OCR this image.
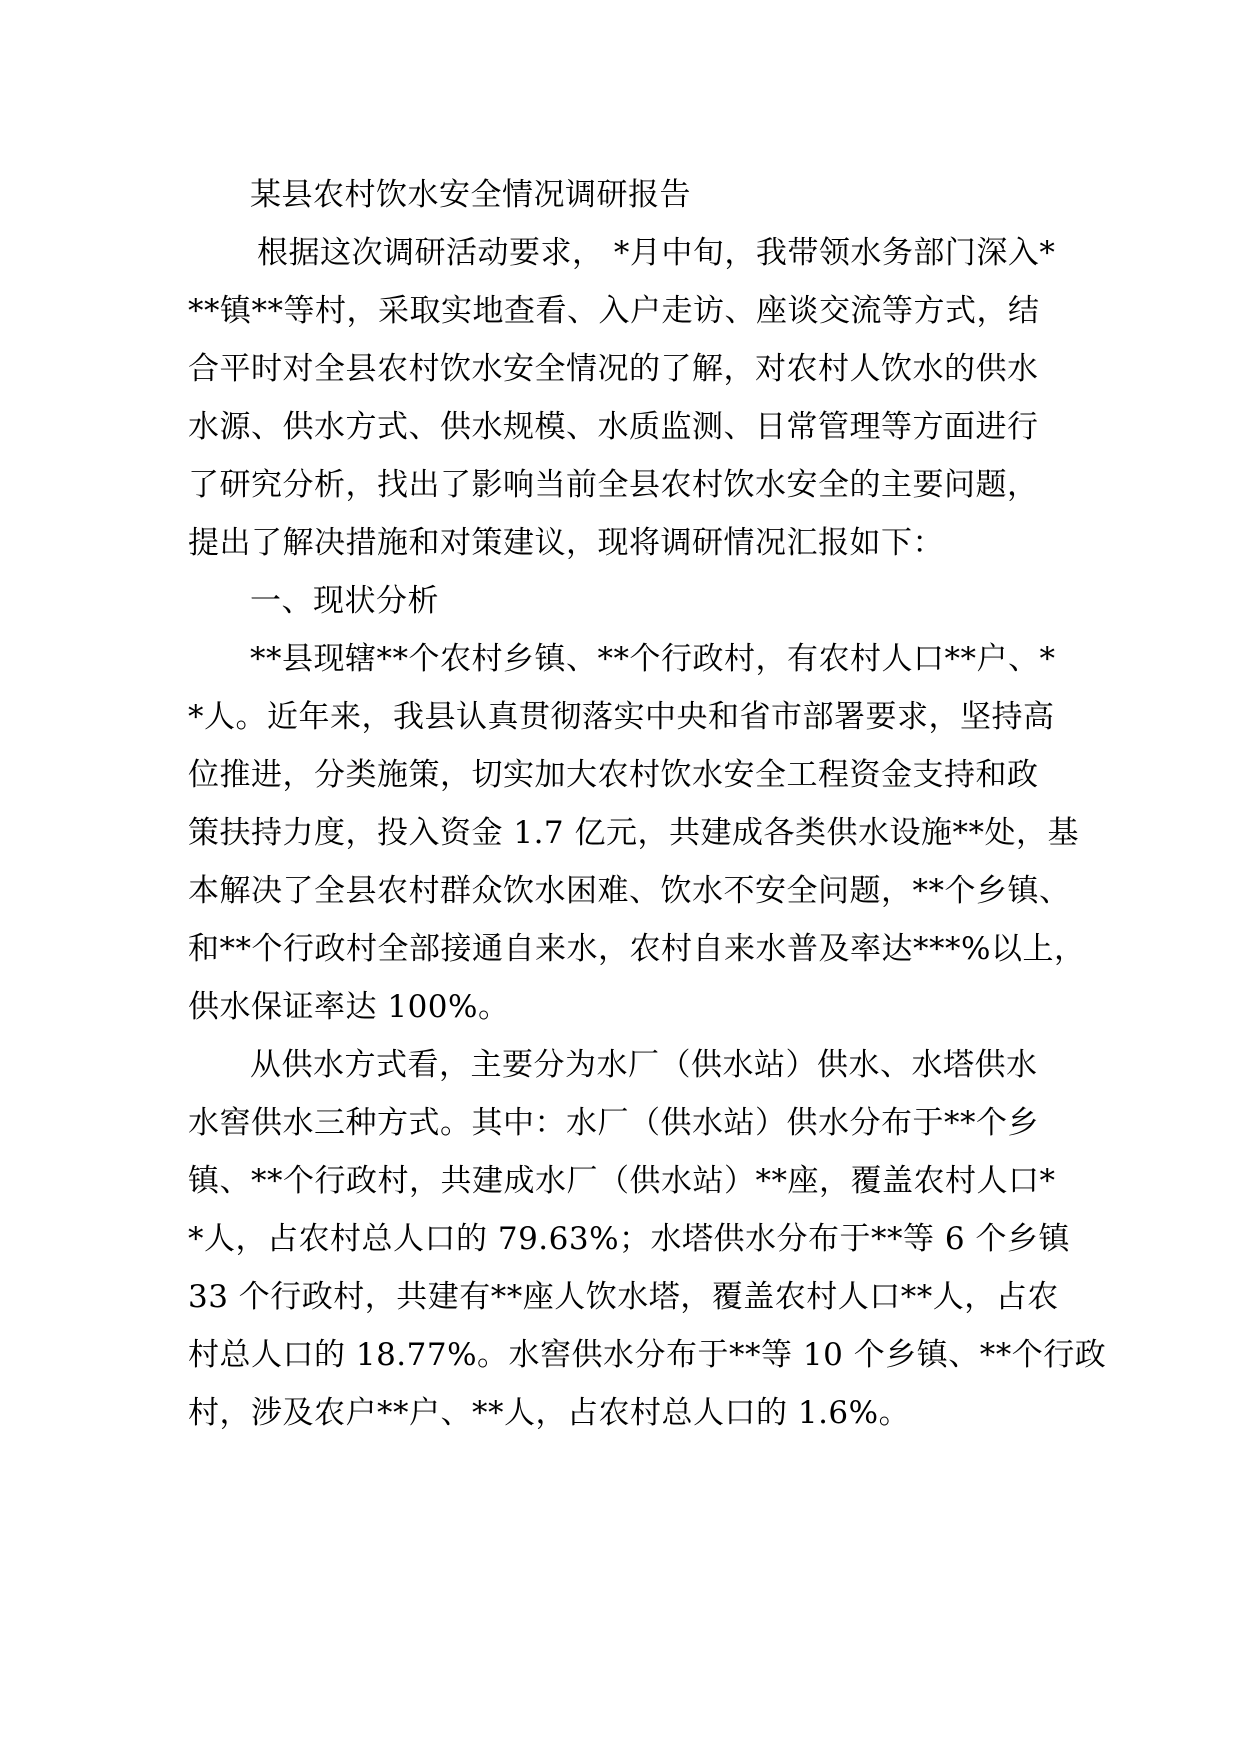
某县农村饮水安全情况调研报告
根据这次调研活动要求， *月中旬，我带领水务部门深入*
**镇**等村，采取实地查看、入户走访、座谈交流等方式，结
合平时对全县农村饮水安全情况的了解，对农村人饮水的供水
水源、供水方式、供水规模、水质监测、日常管理等方面进行
了研究分析，找出了影响当前全县农村饮水安全的主要问题，
提出了解决措施和对策建议，现将调研情况汇报如下：
一、现状分析
**县现辖**个农村乡镇、**个行政村，有农村人口**户、*
*人。近年来，我县认真贯彻落实中央和省市部署要求，坚持高
位推进，分类施策，切实加大农村饮水安全工程资金支持和政
策扶持力度，投入资金 1.7 亿元，共建成各类供水设施**处，基
本解决了全县农村群众饮水困难、饮水不安全问题，**个乡镇、
和**个行政村全部接通自来水，农村自来水普及率达***%以上，
供水保证率达 100%。
从供水方式看，主要分为水厂（供水站）供水、水塔供水
水窖供水三种方式。其中：水厂（供水站）供水分布于**个乡
镇、**个行政村，共建成水厂（供水站）**座，覆盖农村人口*
*人，占农村总人口的 79.63%；水塔供水分布于**等 6 个乡镇
33 个行政村，共建有**座人饮水塔，覆盖农村人口**人，占农
村总人口的 18.77%。水窖供水分布于**等 10 个乡镇、**个行政
村，涉及农户**户、**人，占农村总人口的 1.6%。
